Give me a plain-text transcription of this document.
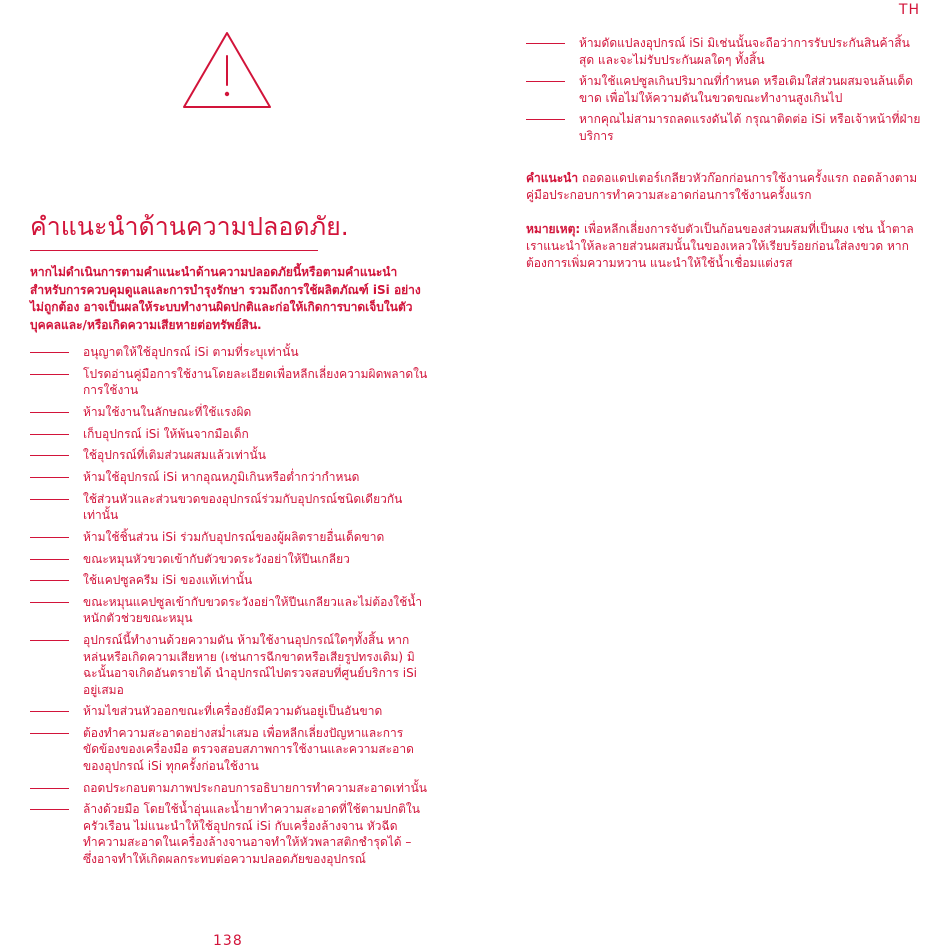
TH
คำแนะนำด้านความปลอดภัย.
หากไม่ดำเนินการตามคำแนะนำด้านความปลอดภัยนี้หรือตามคำแนะนำสำหรับการควบคุมดูแลและการบำรุงรักษา รวมถึงการใช้ผลิตภัณฑ์ iSi อย่างไม่ถูกต้อง อาจเป็นผลให้ระบบทำงานผิดปกติและก่อให้เกิดการบาดเจ็บในตัวบุคคลและ/หรือเกิดความเสียหายต่อทรัพย์สิน.
อนุญาตให้ใช้อุปกรณ์ iSi ตามที่ระบุเท่านั้น
โปรดอ่านคู่มือการใช้งานโดยละเอียดเพื่อหลีกเลี่ยงความผิดพลาดในการใช้งาน
ห้ามใช้งานในลักษณะที่ใช้แรงผิด
เก็บอุปกรณ์ iSi ให้พ้นจากมือเด็ก
ใช้อุปกรณ์ที่เติมส่วนผสมแล้วเท่านั้น
ห้ามใช้อุปกรณ์ iSi หากอุณหภูมิเกินหรือต่ำกว่ากำหนด
ใช้ส่วนหัวและส่วนขวดของอุปกรณ์ร่วมกับอุปกรณ์ชนิดเดียวกันเท่านั้น
ห้ามใช้ชิ้นส่วน iSi ร่วมกับอุปกรณ์ของผู้ผลิตรายอื่นเด็ดขาด
ขณะหมุนหัวขวดเข้ากับตัวขวดระวังอย่าให้ปีนเกลียว
ใช้แคปซูลครีม iSi ของแท้เท่านั้น
ขณะหมุนแคปซูลเข้ากับขวดระวังอย่าให้ปีนเกลียวและไม่ต้องใช้น้ำหนักตัวช่วยขณะหมุน
อุปกรณ์นี้ทำงานด้วยความดัน ห้ามใช้งานอุปกรณ์ใดๆทั้งสิ้น หากหล่นหรือเกิดความเสียหาย (เช่นการฉีกขาดหรือเสียรูปทรงเดิม) มิฉะนั้นอาจเกิดอันตรายได้ นำอุปกรณ์ไปตรวจสอบที่ศูนย์บริการ iSi อยู่เสมอ
ห้ามไขส่วนหัวออกขณะที่เครื่องยังมีความดันอยู่เป็นอันขาด
ต้องทำความสะอาดอย่างสม่ำเสมอ เพื่อหลีกเลี่ยงปัญหาและการขัดข้องของเครื่องมือ ตรวจสอบสภาพการใช้งานและความสะอาดของอุปกรณ์ iSi ทุกครั้งก่อนใช้งาน
ถอดประกอบตามภาพประกอบการอธิบายการทำความสะอาดเท่านั้น
ล้างด้วยมือ โดยใช้น้ำอุ่นและน้ำยาทำความสะอาดที่ใช้ตามปกติในครัวเรือน ไม่แนะนำให้ใช้อุปกรณ์ iSi กับเครื่องล้างจาน หัวฉีดทำความสะอาดในเครื่องล้างจานอาจทำให้หัวพลาสติกชำรุดได้ – ซึ่งอาจทำให้เกิดผลกระทบต่อความปลอดภัยของอุปกรณ์
ห้ามดัดแปลงอุปกรณ์ iSi มิเช่นนั้นจะถือว่าการรับประกันสินค้าสิ้นสุด และจะไม่รับประกันผลใดๆ ทั้งสิ้น
ห้ามใช้แคปซูลเกินปริมาณที่กำหนด หรือเติมใส่ส่วนผสมจนล้นเด็ดขาด เพื่อไม่ให้ความดันในขวดขณะทำงานสูงเกินไป
หากคุณไม่สามารถลดแรงดันได้ กรุณาติดต่อ iSi หรือเจ้าหน้าที่ฝ่ายบริการ
คำแนะนำ ถอดอแดปเตอร์เกลียวหัวก๊อกก่อนการใช้งานครั้งแรก ถอดล้างตามคู่มือประกอบการทำความสะอาดก่อนการใช้งานครั้งแรก
หมายเหตุ: เพื่อหลีกเลี่ยงการจับตัวเป็นก้อนของส่วนผสมที่เป็นผง เช่น น้ำตาล เราแนะนำให้ละลายส่วนผสมนั้นในของเหลวให้เรียบร้อยก่อนใส่ลงขวด หากต้องการเพิ่มความหวาน แนะนำให้ใช้น้ำเชื่อมแต่งรส
138
